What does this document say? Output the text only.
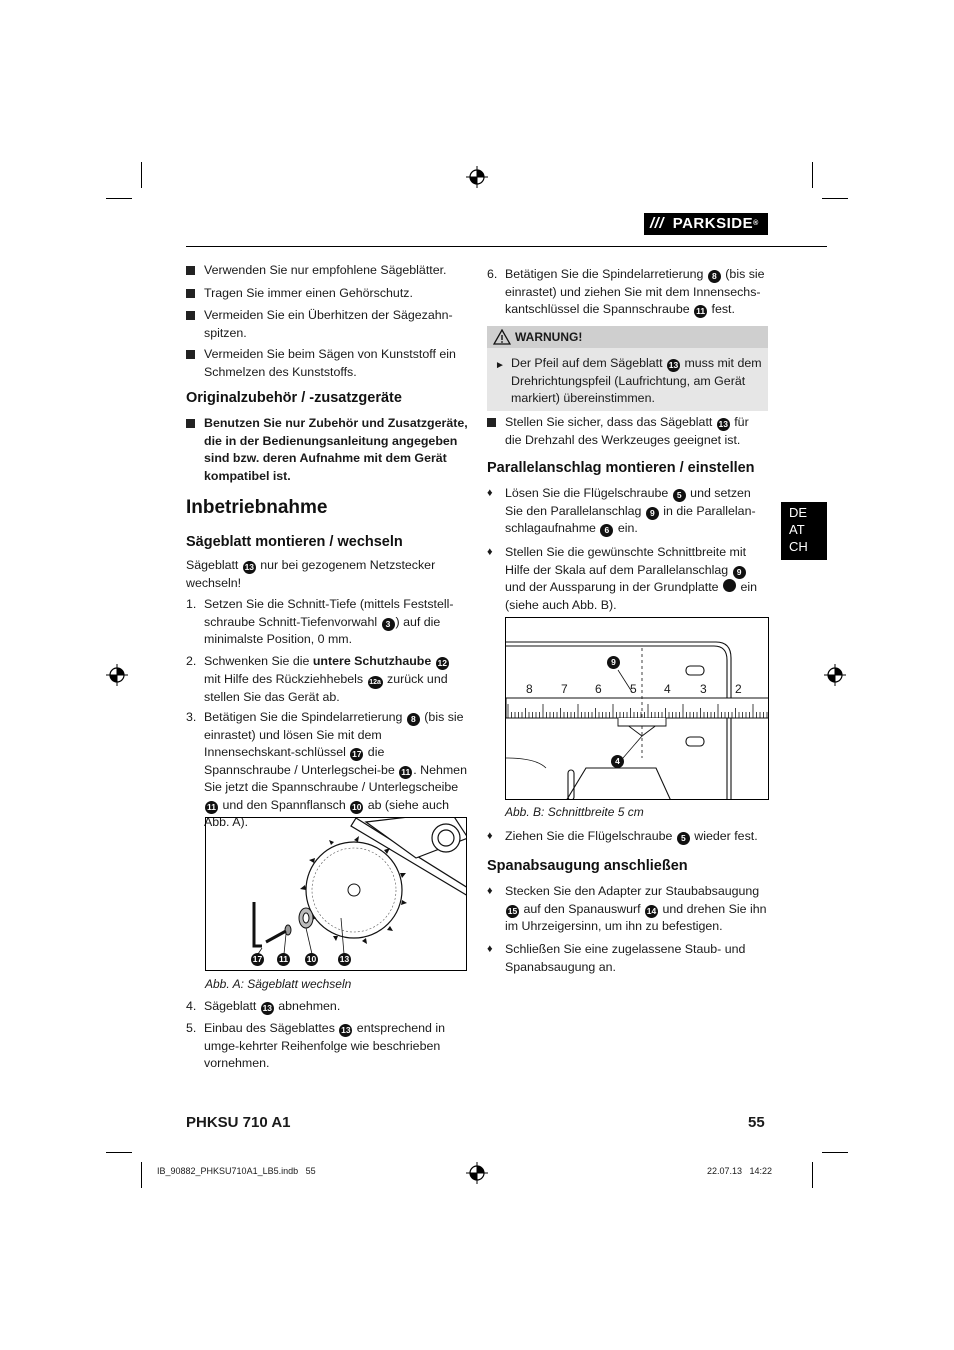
/// PARKSIDE®
Verwenden Sie nur empfohlene Sägeblätter.
Tragen Sie immer einen Gehörschutz.
Vermeiden Sie ein Überhitzen der Sägezahn-spitzen.
Vermeiden Sie beim Sägen von Kunststoff ein Schmelzen des Kunststoffs.
Originalzubehör / -zusatzgeräte
Benutzen Sie nur Zubehör und Zusatzgeräte, die in der Bedienungsanleitung angegeben sind bzw. deren Aufnahme mit dem Gerät kompatibel ist.
Inbetriebnahme
Sägeblatt montieren / wechseln
Sägeblatt 13 nur bei gezogenem Netzstecker wechseln!
1. Setzen Sie die Schnitt-Tiefe (mittels Feststell-schraube Schnitt-Tiefenvorwahl 3 ) auf die minimalste Position, 0 mm.
2. Schwenken Sie die untere Schutzhaube 12 mit Hilfe des Rückziehhebels 12a zurück und stellen Sie das Gerät ab.
3. Betätigen Sie die Spindelarretierung 8 (bis sie einrastet) und lösen Sie mit dem Innensechskant-schlüssel 17 die Spannschraube / Unterlegschei-be 11 . Nehmen Sie jetzt die Spannschraube / Unterlegscheibe 11 und den Spannflansch 10 ab (siehe auch Abb. A).
17 11 10	13
Abb. A: Sägeblatt wechseln
4. Sägeblatt 13 abnehmen.
5. Einbau des Sägeblattes 13 entsprechend in umge-kehrter Reihenfolge wie beschrieben vornehmen.
6. Betätigen Sie die Spindelarretierung 8 (bis sie einrastet) und ziehen Sie mit dem Innensechs-kantschlüssel die Spannschraube 11 fest.
WARNUNG!
► Der Pfeil auf dem Sägeblatt 13 muss mit dem Drehrichtungspfeil (Laufrichtung, am Gerät markiert) übereinstimmen.
Stellen Sie sicher, dass das Sägeblatt 13 für die Drehzahl des Werkzeuges geeignet ist.
Parallelanschlag montieren / einstellen
♦ Lösen Sie die Flügelschraube 5 und setzen Sie den Parallelanschlag 9 in die Parallelan-schlagaufnahme 6 ein.
♦ Stellen Sie die gewünschte Schnittbreite mit Hilfe der Skala auf dem Parallelanschlag 9 und der Aussparung in der Grundplatte ein (siehe auch Abb. B).
8 7 6 5 4 3 2
9
4
Abb. B: Schnittbreite 5 cm
♦ Ziehen Sie die Flügelschraube 5 wieder fest.
Spanabsaugung anschließen
♦ Stecken Sie den Adapter zur Staubabsaugung 15 auf den Spanauswurf 14 und drehen Sie ihn im Uhrzeigersinn, um ihn zu befestigen.
♦ Schließen Sie eine zugelassene Staub- und Spanabsaugung an.
DE
AT
CH
PHKSU 710 A1	55
IB_90882_PHKSU710A1_LB5.indb   55	22.07.13   14:22
